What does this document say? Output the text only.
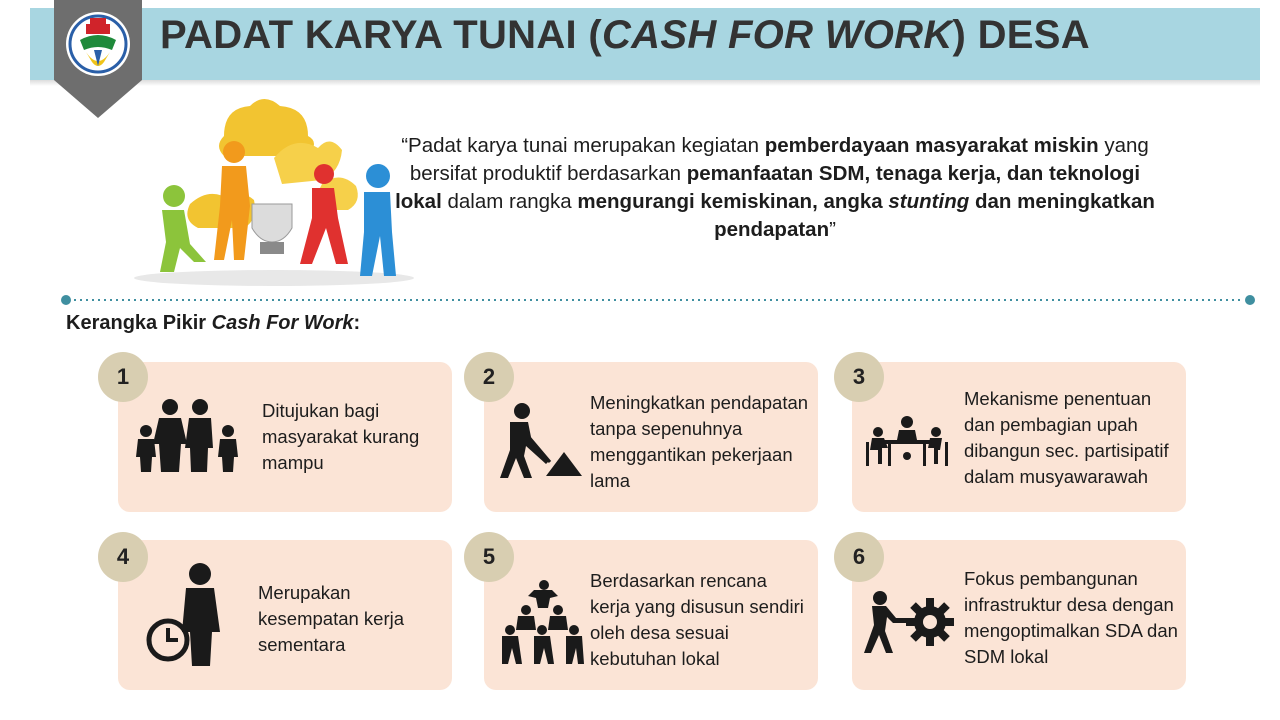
PADAT KARYA TUNAI (CASH FOR WORK) DESA
“Padat karya tunai merupakan kegiatan pemberdayaan masyarakat miskin yang bersifat produktif berdasarkan pemanfaatan SDM, tenaga kerja, dan teknologi lokal dalam rangka mengurangi kemiskinan, angka stunting dan meningkatkan pendapatan”
Kerangka Pikir Cash For Work:
1
Ditujukan bagi masyarakat kurang mampu
2
Meningkatkan pendapatan tanpa sepenuhnya menggantikan pekerjaan lama
3
Mekanisme penentuan dan pembagian upah dibangun sec. partisipatif dalam musyawarawah
4
Merupakan kesempatan kerja sementara
5
Berdasarkan rencana kerja yang disusun sendiri oleh desa sesuai kebutuhan lokal
6
Fokus pembangunan infrastruktur desa dengan mengoptimalkan SDA dan SDM lokal
